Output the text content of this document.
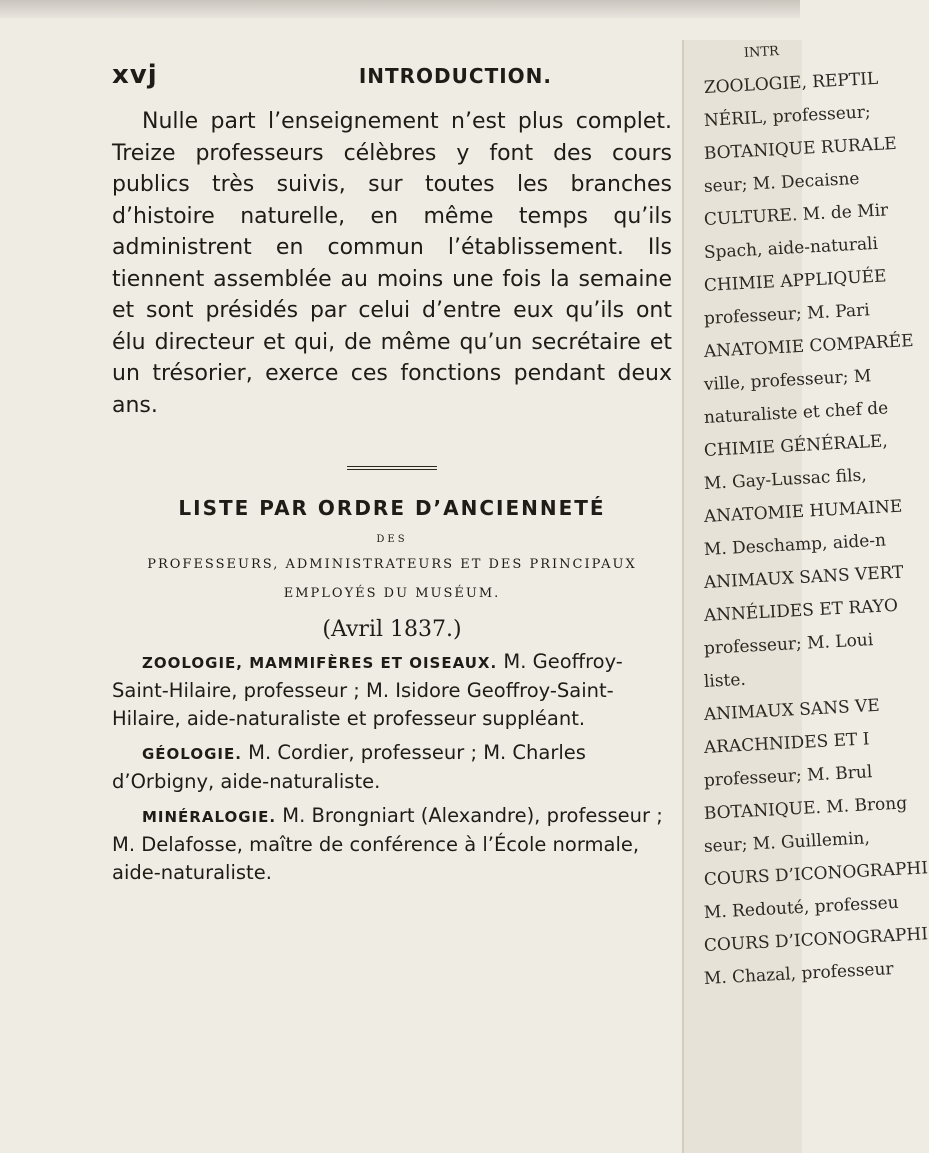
xvj	INTRODUCTION.
Nulle part l’enseignement n’est plus complet. Treize professeurs célèbres y font des cours publics très suivis, sur toutes les branches d’histoire naturelle, en même temps qu’ils administrent en commun l’établissement. Ils tiennent assemblée au moins une fois la semaine et sont présidés par celui d’entre eux qu’ils ont élu directeur et qui, de même qu’un secrétaire et un trésorier, exerce ces fonctions pendant deux ans.
LISTE PAR ORDRE D’ANCIENNETÉ
DES
PROFESSEURS, ADMINISTRATEURS ET DES PRINCIPAUX
EMPLOYÉS DU MUSÉUM.
(Avril 1837.)
ZOOLOGIE, MAMMIFÈRES ET OISEAUX. M. Geoffroy-Saint-Hilaire, professeur ; M. Isidore Geoffroy-Saint-Hilaire, aide-naturaliste et professeur suppléant.
GÉOLOGIE. M. Cordier, professeur ; M. Charles d’Orbigny, aide-naturaliste.
MINÉRALOGIE. M. Brongniart (Alexandre), professeur ; M. Delafosse, maître de conférence à l’École normale, aide-naturaliste.
INTR
ZOOLOGIE, REPTIL
NÉRIL, professeur;
BOTANIQUE RURALE
seur; M. Decaisne
CULTURE. M. de Mir
Spach, aide-naturali
CHIMIE APPLIQUÉE
professeur; M. Pari
ANATOMIE COMPARÉE
ville, professeur; M
naturaliste et chef de
CHIMIE GÉNÉRALE,
M. Gay-Lussac fils,
ANATOMIE HUMAINE
M. Deschamp, aide-n
ANIMAUX SANS VERT
ANNÉLIDES ET RAYO
professeur; M. Loui
liste.
ANIMAUX SANS VE
ARACHNIDES ET I
professeur; M. Brul
BOTANIQUE. M. Brong
seur; M. Guillemin,
COURS D’ICONOGRAPHI
M. Redouté, professeu
COURS D’ICONOGRAPHI
M. Chazal, professeur
